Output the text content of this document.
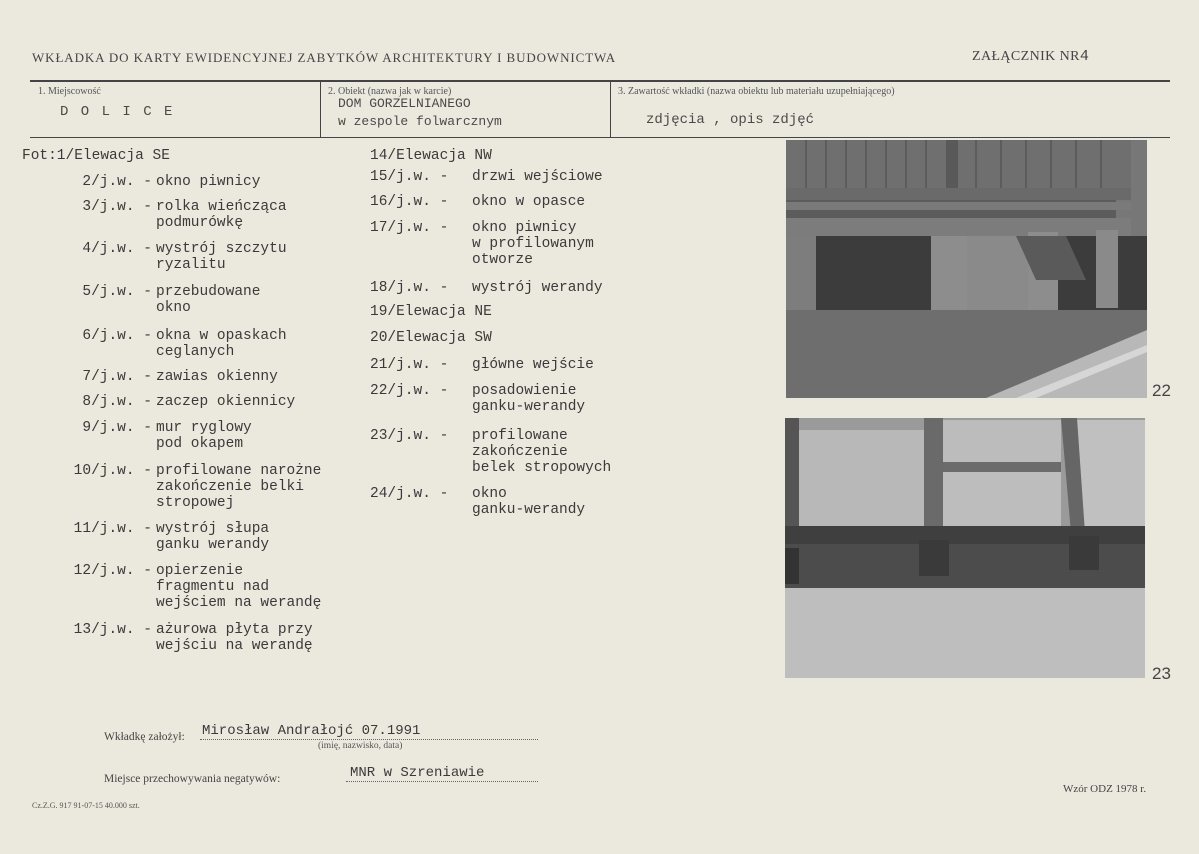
WKŁADKA DO KARTY EWIDENCYJNEJ ZABYTKÓW ARCHITEKTURY I BUDOWNICTWA	ZAŁĄCZNIK NR4
1. Miejscowość
D O L I C E
2. Obiekt (nazwa jak w karcie)
DOM GORZELNIANEGO
w zespole folwarcznym
3. Zawartość wkładki (nazwa obiektu lub materiału uzupełniającego)
zdjęcia , opis zdjęć
Fot:1/Elewacja SE
2/j.w. - okno piwnicy
3/j.w. - rolka wieńcząca
podmurówkę
4/j.w. - wystrój szczytu
ryzalitu
5/j.w. - przebudowane
okno
6/j.w. - okna w opaskach
ceglanych
7/j.w. - zawias okienny
8/j.w. - zaczep okiennicy
9/j.w. - mur ryglowy
pod okapem
10/j.w. - profilowane narożne
zakończenie belki
stropowej
11/j.w. - wystrój słupa
ganku werandy
12/j.w. - opierzenie
fragmentu nad
wejściem na werandę
13/j.w. - ażurowa płyta przy
wejściu na werandę
14/Elewacja NW
15/j.w. -	drzwi wejściowe
16/j.w. -	okno w opasce
17/j.w. -	okno piwnicy
w profilowanym
otworze
18/j.w. -	wystrój werandy
19/Elewacja NE
20/Elewacja SW
21/j.w. -	główne wejście
22/j.w. -	posadowienie
ganku-werandy
23/j.w. -	profilowane
zakończenie
belek stropowych
24/j.w. -	okno
ganku-werandy
22
23
Wkładkę założył: Mirosław Andrałojć 07.1991
(imię, nazwisko, data)
Miejsce przechowywania negatywów:	MNR w Szreniawie
Cz.Z.G. 917 91-07-15 40.000 szt.
Wzór ODZ 1978 r.
